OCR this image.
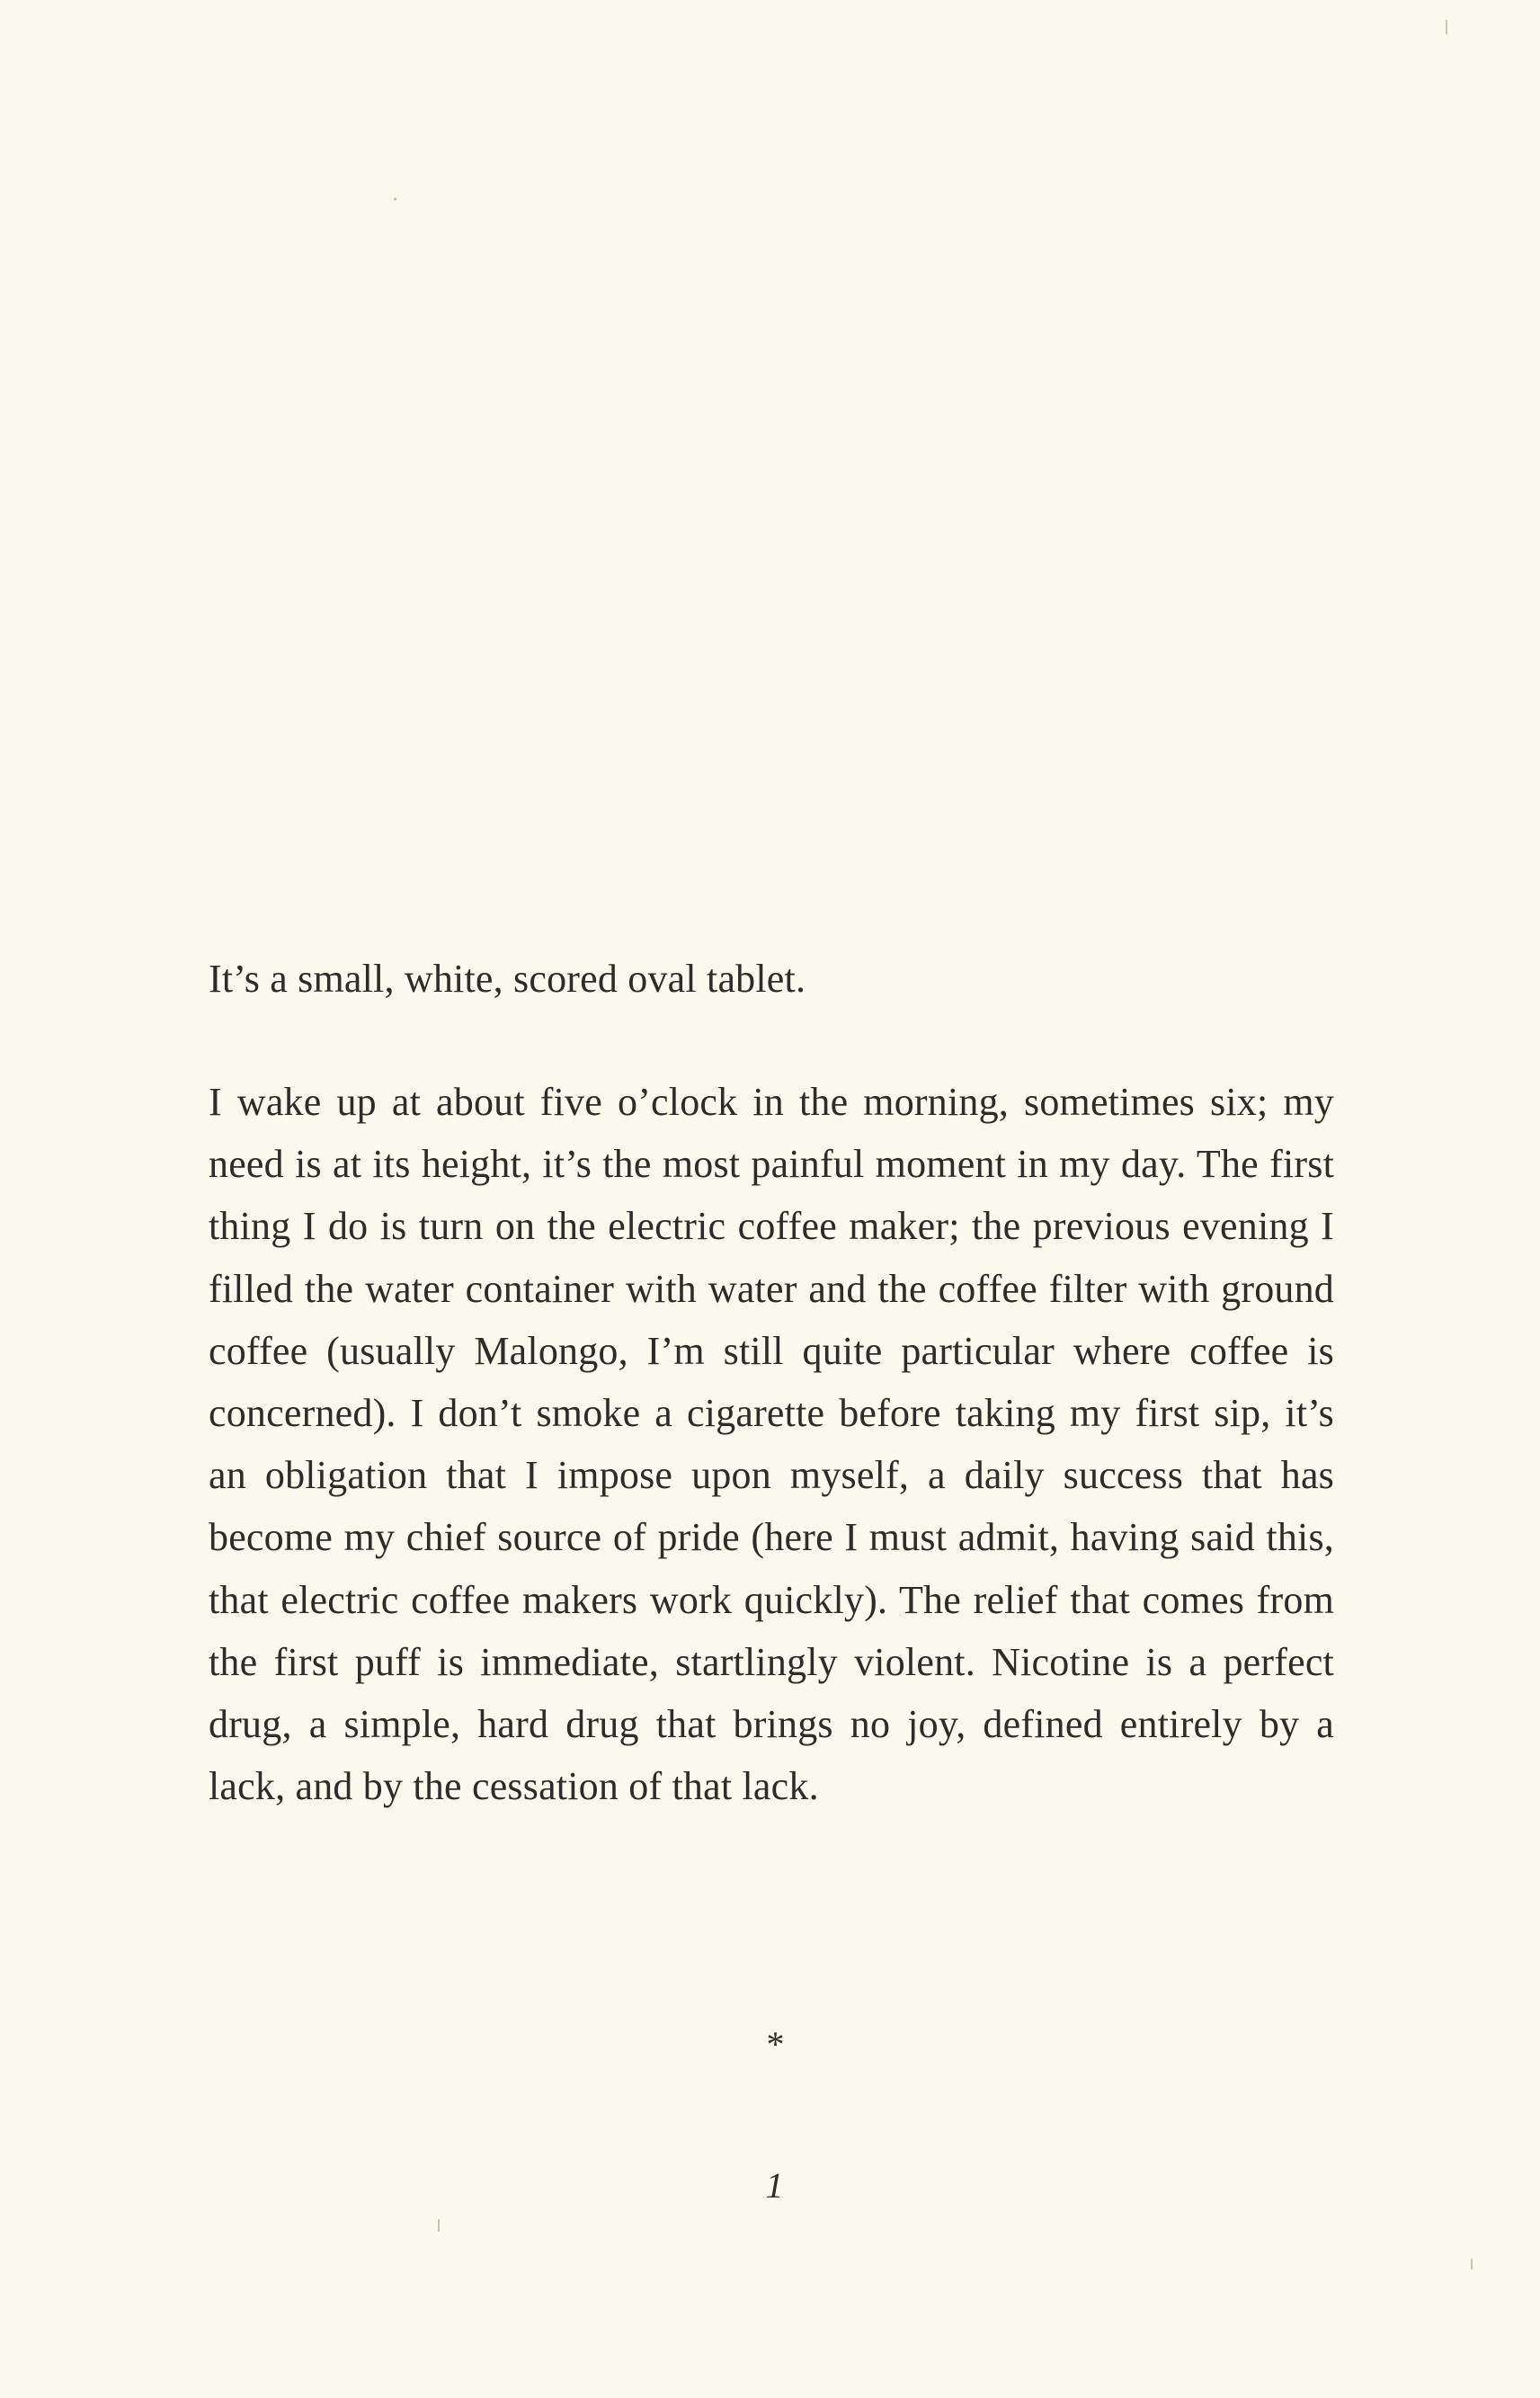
It’s a small, white, scored oval tablet.

I wake up at about five o’clock in the morning, sometimes six; my need is at its height, it’s the most painful moment in my day. The first thing I do is turn on the electric coffee maker; the previous evening I filled the water container with water and the coffee filter with ground coffee (usually Malongo, I’m still quite particular where coffee is concerned). I don’t smoke a cigarette before taking my first sip, it’s an obligation that I impose upon myself, a daily success that has become my chief source of pride (here I must admit, having said this, that electric coffee makers work quickly). The relief that comes from the first puff is immediate, startlingly violent. Nicotine is a perfect drug, a simple, hard drug that brings no joy, defined entirely by a lack, and by the cessation of that lack.

*
1
